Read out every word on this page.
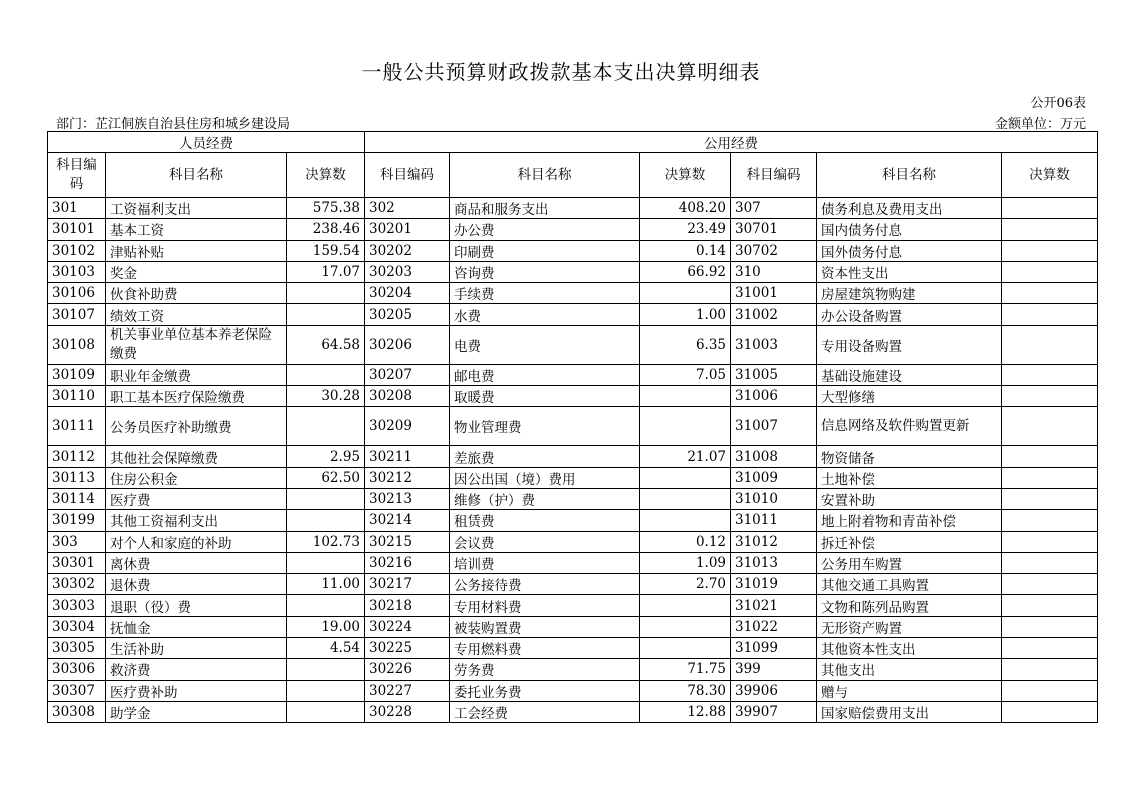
一般公共预算财政拨款基本支出决算明细表
公开06表
部门：芷江侗族自治县住房和城乡建设局	金额单位：万元
人员经费			公用经费					
科目编码	科目名称	决算数	科目编码	科目名称	决算数	科目编码	科目名称	决算数
301	工资福利支出	575.38	302	商品和服务支出	408.20	307	债务利息及费用支出	
30101	基本工资	238.46	30201	办公费	23.49	30701	国内债务付息	
30102	津贴补贴	159.54	30202	印刷费	0.14	30702	国外债务付息	
30103	奖金	17.07	30203	咨询费	66.92	310	资本性支出	
30106	伙食补助费		30204	手续费		31001	房屋建筑物购建	
30107	绩效工资		30205	水费	1.00	31002	办公设备购置	
30108	机关事业单位基本养老保险缴费	64.58	30206	电费	6.35	31003	专用设备购置	
30109	职业年金缴费		30207	邮电费	7.05	31005	基础设施建设	
30110	职工基本医疗保险缴费	30.28	30208	取暖费		31006	大型修缮	
30111	公务员医疗补助缴费		30209	物业管理费		31007	信息网络及软件购置更新	
30112	其他社会保障缴费	2.95	30211	差旅费	21.07	31008	物资储备	
30113	住房公积金	62.50	30212	因公出国（境）费用		31009	土地补偿	
30114	医疗费		30213	维修（护）费		31010	安置补助	
30199	其他工资福利支出		30214	租赁费		31011	地上附着物和青苗补偿	
303	对个人和家庭的补助	102.73	30215	会议费	0.12	31012	拆迁补偿	
30301	离休费		30216	培训费	1.09	31013	公务用车购置	
30302	退休费	11.00	30217	公务接待费	2.70	31019	其他交通工具购置	
30303	退职（役）费		30218	专用材料费		31021	文物和陈列品购置	
30304	抚恤金	19.00	30224	被装购置费		31022	无形资产购置	
30305	生活补助	4.54	30225	专用燃料费		31099	其他资本性支出	
30306	救济费		30226	劳务费	71.75	399	其他支出	
30307	医疗费补助		30227	委托业务费	78.30	39906	赠与	
30308	助学金		30228	工会经费	12.88	39907	国家赔偿费用支出	
